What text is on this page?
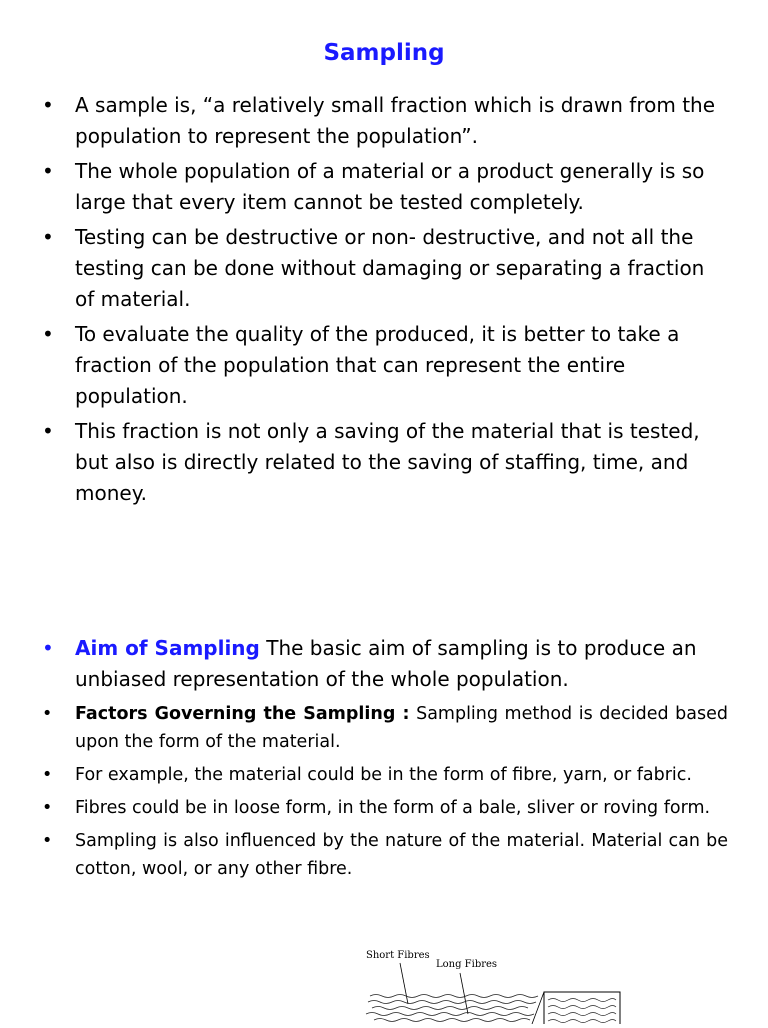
Sampling
• A sample is, “a relatively small fraction which is drawn from the population to represent the population”.
• The whole population of a material or a product generally is so large that every item cannot be tested completely.
• Testing can be destructive or non- destructive, and not all the testing can be done without damaging or separating a fraction of material.
• To evaluate the quality of the produced, it is better to take a fraction of the population that can represent the entire population.
• This fraction is not only a saving of the material that is tested, but also is directly related to the saving of staffing, time, and money.
• Aim of Sampling The basic aim of sampling is to produce an unbiased representation of the whole population.
• Factors Governing the Sampling : Sampling method is decided based upon the form of the material.
• For example, the material could be in the form of fibre, yarn, or fabric.
• Fibres could be in loose form, in the form of a bale, sliver or roving form.
• Sampling is also influenced by the nature of the material. Material can be cotton, wool, or any other fibre.
Short Fibres
Long Fibres
